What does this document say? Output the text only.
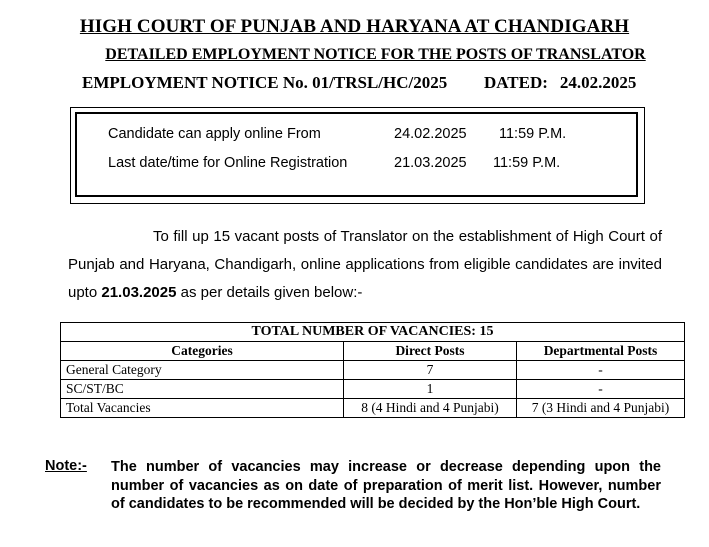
HIGH COURT OF PUNJAB AND HARYANA AT CHANDIGARH
DETAILED EMPLOYMENT NOTICE FOR THE POSTS OF TRANSLATOR
EMPLOYMENT NOTICE No. 01/TRSL/HC/2025 DATED: 24.02.2025
Candidate can apply online From	24.02.2025 11:59 P.M.
Last date/time for Online Registration	21.03.2025 11:59 P.M.
To fill up 15 vacant posts of Translator on the establishment of High Court of Punjab and Haryana, Chandigarh, online applications from eligible candidates are invited upto 21.03.2025 as per details given below:-
TOTAL NUMBER OF VACANCIES: 15		
Categories	Direct Posts	Departmental Posts
General Category	7	-
SC/ST/BC	1	-
Total Vacancies	8 (4 Hindi and 4 Punjabi)	7 (3 Hindi and 4 Punjabi)
Note:- The number of vacancies may increase or decrease depending upon the number of vacancies as on date of preparation of merit list. However, number of candidates to be recommended will be decided by the Hon’ble High Court.
